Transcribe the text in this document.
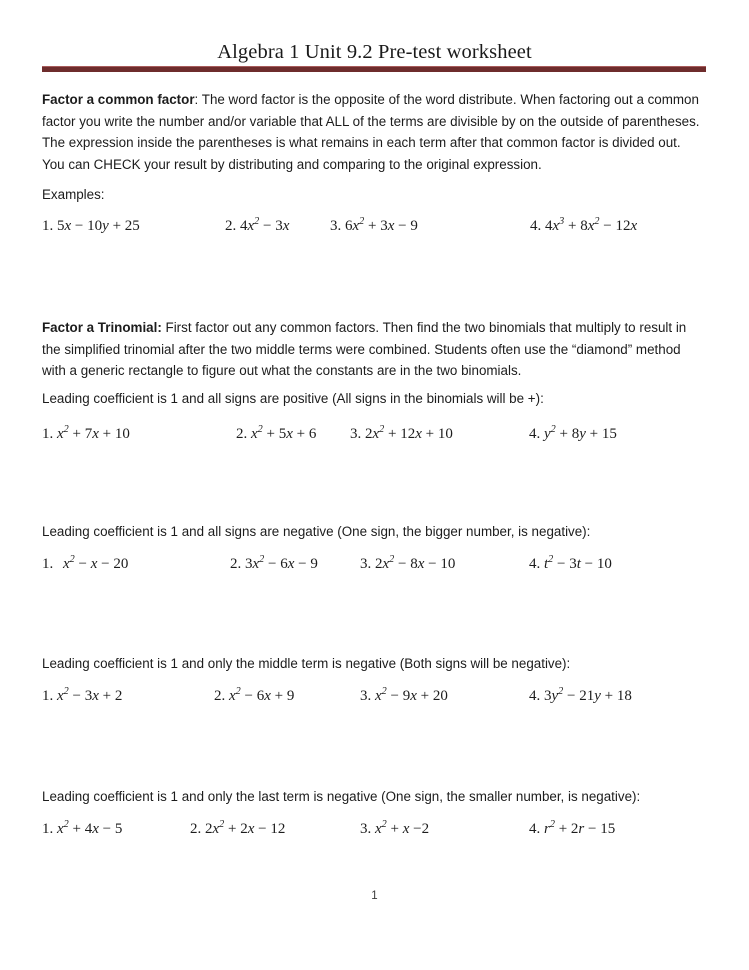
Algebra 1 Unit 9.2 Pre-test worksheet
Factor a common factor: The word factor is the opposite of the word distribute. When factoring out a common factor you write the number and/or variable that ALL of the terms are divisible by on the outside of parentheses. The expression inside the parentheses is what remains in each term after that common factor is divided out. You can CHECK your result by distributing and comparing to the original expression.
Examples:
1. 5x − 10y + 25	2. $4x^2 - 3x$	3. $6x^2 + 3x - 9$	4. $4x^3 + 8x^2 - 12x$
Factor a Trinomial: First factor out any common factors. Then find the two binomials that multiply to result in the simplified trinomial after the two middle terms were combined. Students often use the “diamond” method with a generic rectangle to figure out what the constants are in the two binomials.
Leading coefficient is 1 and all signs are positive (All signs in the binomials will be +):
1. $x^2 + 7x + 10$	2. $x^2 + 5x + 6$ 3. $2x^2 + 12x + 10$	4. $y^2 + 8y + 15$
Leading coefficient is 1 and all signs are negative (One sign, the bigger number, is negative):
1. $x^2 - x - 20$	2. $3x^2 - 6x - 9$	3. $2x^2 - 8x - 10$	4. $t^2 - 3t - 10$
Leading coefficient is 1 and only the middle term is negative (Both signs will be negative):
1. $x^2 - 3x + 2$	2. $x^2 - 6x + 9$	3. $x^2 - 9x + 20$	4. $3y^2 - 21y + 18$
Leading coefficient is 1 and only the last term is negative (One sign, the smaller number, is negative):
1. $x^2 + 4x - 5$	2. $2x^2 + 2x - 12$	3. $x^2 + x -2$	4. $r^2 + 2r - 15$
1
